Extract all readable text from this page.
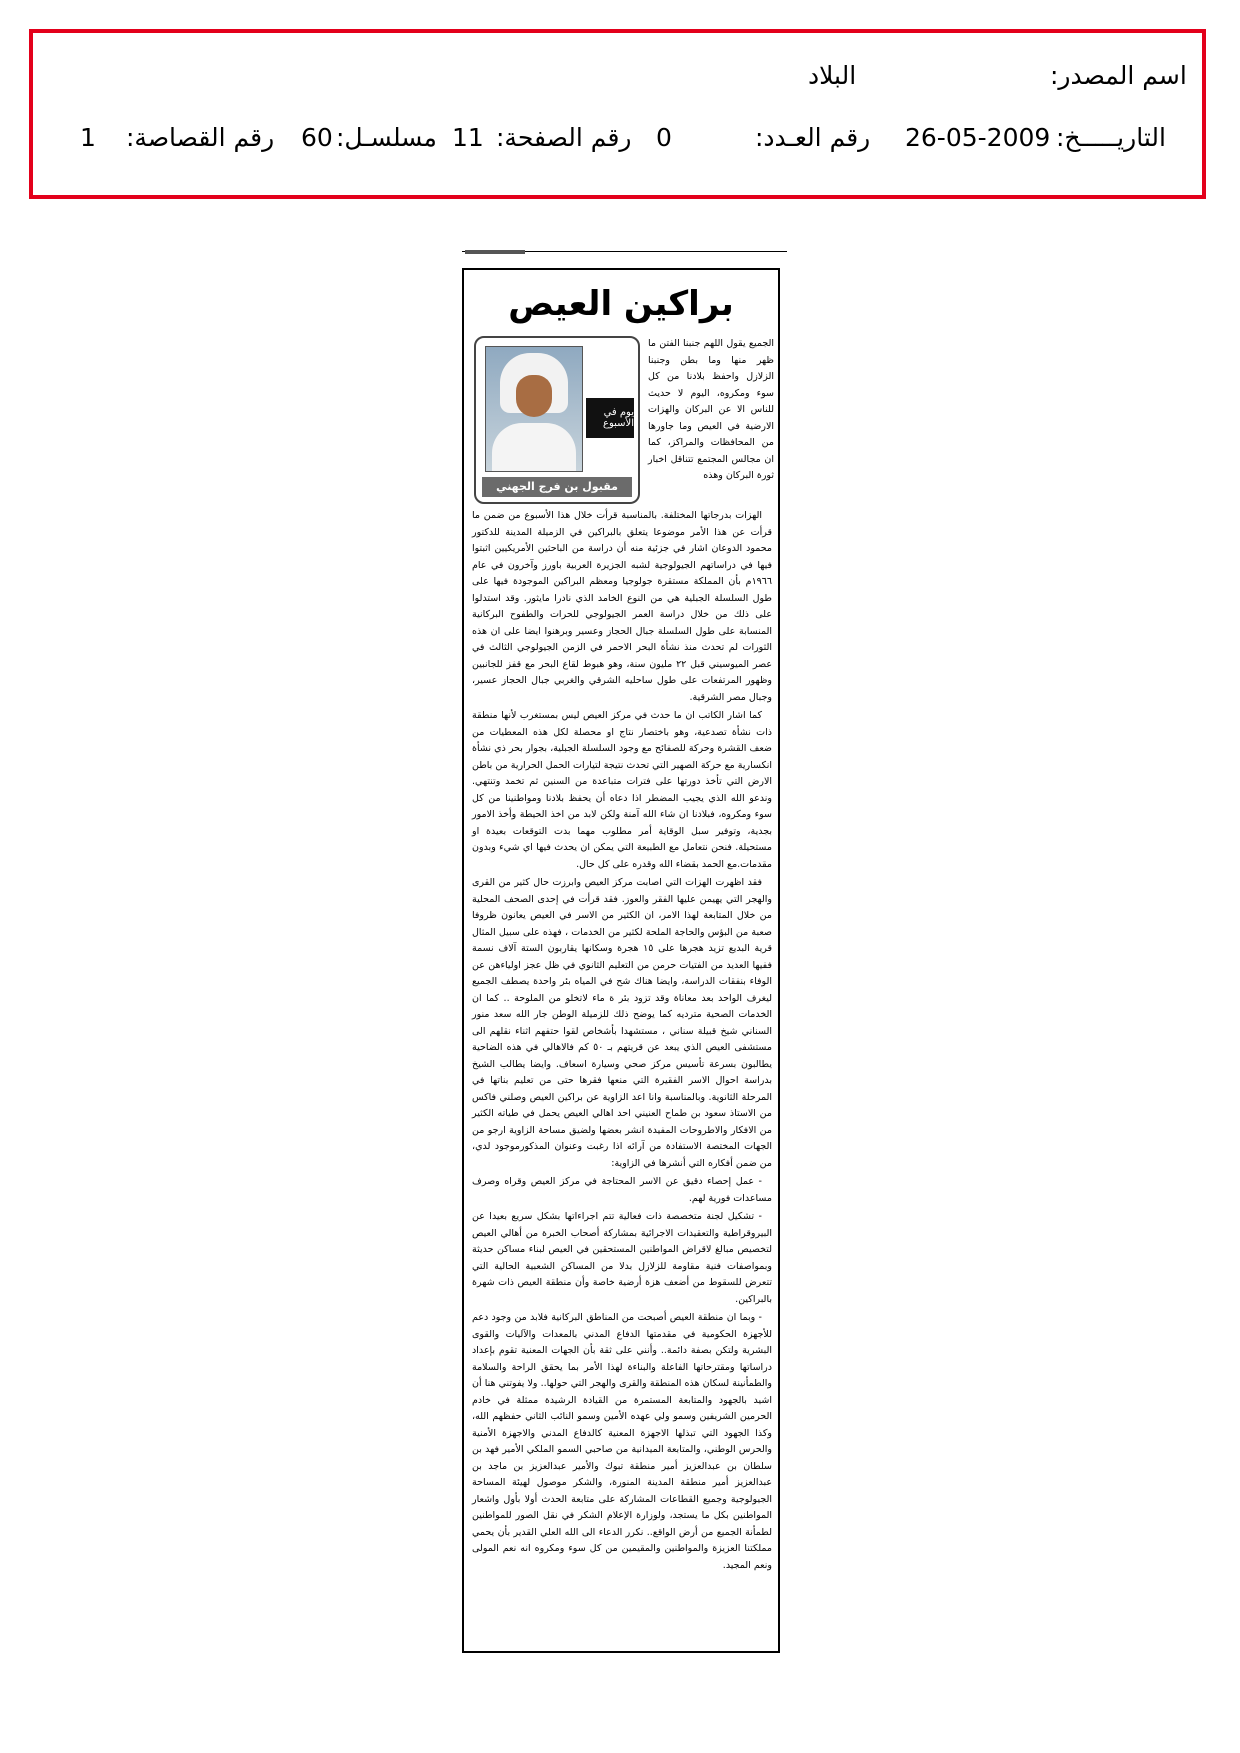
اسم المصدر:
البلاد
التاريـــــخ:
26-05-2009
رقم العـدد:
0
رقم الصفحة:
11
مسلسـل:
60
رقم القصاصة:
1
براكين العيص
يوم في الأسبوع
مقبول بن فرج الجهني
الجميع يقول اللهم جنبنا الفتن ما ظهر منها وما بطن وجنبنا الزلازل واحفظ بلادنا من كل سوء ومكروه، اليوم لا حديث للناس الا عن البركان والهزات الارضية في العيص وما جاورها من المحافظات والمراكز، كما ان مجالس المجتمع تتناقل اخبار ثورة البركان وهذه

الهزات بدرجاتها المختلفة. بالمناسبة قرأت خلال هذا الأسبوع من ضمن ما قرأت عن هذا الأمر موضوعا يتعلق بالبراكين في الزميلة المدينة للدكتور محمود الدوعان اشار في جزئية منه أن دراسة من الباحثين الأمريكيين اثبتوا فيها في دراساتهم الجيولوجية لشبه الجزيرة العربية باورز وآخرون في عام ١٩٦٦م بأن المملكة مستقرة جولوجيا ومعظم البراكين الموجودة فيها على طول السلسلة الجبلية هي من النوع الخامد الذي نادرا مايثور. وقد استدلوا على ذلك من خلال دراسة العمر الجيولوجي للحرات والطفوح البركانية المنسابة على طول السلسلة جبال الحجاز وعسير وبرهنوا ايضا على ان هذه الثورات لم تحدث منذ نشأة البحر الاحمر في الزمن الجيولوجي الثالث في عصر الميوسيني قبل ٢٢ مليون سنة، وهو هبوط لقاع البحر مع قفز للجانبين وظهور المرتفعات على طول ساحليه الشرقي والغربي جبال الحجاز عسير، وجبال مصر الشرقية.

كما اشار الكاتب ان ما حدث في مركز العيص ليس بمستغرب لأنها منطقة ذات نشأة تصدعية، وهو باختصار نتاج او محصلة لكل هذه المعطيات من ضعف القشرة وحركة للصفائح مع وجود السلسلة الجبلية، بجوار بحر ذي نشأة انكسارية مع حركة الصهير التي تحدث نتيجة لتيارات الحمل الحرارية من باطن الارض التي تأخذ دورتها على فترات متباعدة من السنين ثم تخمد وتنتهي. وندعو الله الذي يجيب المضطر اذا دعاه أن يحفظ بلادنا ومواطنينا من كل سوء ومكروه، فبلادنا ان شاء الله آمنة ولكن لابد من اخذ الحيطة وأخذ الامور بجدية، وتوفير سبل الوقاية أمر مطلوب مهما بدت التوقعات بعيدة او مستحيلة. فنحن نتعامل مع الطبيعة التي يمكن ان يحدث فيها اي شيء وبدون مقدمات.مع الحمد بقضاء الله وقدره على كل حال.

فقد اظهرت الهزات التي اصابت مركز العيص وابرزت حال كثير من القرى والهجر التي يهيمن عليها الفقر والعوز. فقد قرأت في إحدى الصحف المحلية من خلال المتابعة لهذا الامر، ان الكثير من الاسر في العيص يعانون ظروفا صعبة من البؤس والحاجة الملحة لكثير من الخدمات ، فهذه على سبيل المثال قرية البديع تزيد هجرها على ١٥ هجرة وسكانها يقاربون الستة آلاف نسمة ففيها العديد من الفتيات حرمن من التعليم الثانوي في ظل عجز اولياءهن عن الوفاء بنفقات الدراسة، وايضا هناك شح في المياه بئر واحدة يصطف الجميع ليغرف الواحد بعد معاناة وقد تزود بئر ة ماء لاتخلو من الملوحة .. كما ان الخدمات الصحية مترديه كما يوضح ذلك للزميلة الوطن جار الله سعد منور السناني شيخ قبيلة سناني ، مستشهدا بأشخاص لقوا حتفهم اثناء نقلهم الى مستشفى العيص الذي يبعد عن قريتهم بـ ٥٠ كم فالاهالي في هذه الضاحية يطالبون بسرعة تأسيس مركز صحي وسيارة اسعاف. وايضا يطالب الشيخ بدراسة احوال الاسر الفقيرة التي منعها فقرها حتى من تعليم بناتها في المرحلة الثانوية. وبالمناسبة وانا اعد الزاوية عن براكين العيص وصلني فاكس من الاستاذ سعود بن طماح العنيني احد اهالي العيص يحمل في طياته الكثير من الافكار والاطروحات المفيدة انشر بعضها ولضيق مساحة الزاوية ارجو من الجهات المختصة الاستفادة من آرائه اذا رغبت وعنوان المذكورموجود لدي، من ضمن أفكاره التي أنشرها في الزاوية:

- عمل إحصاء دقيق عن الاسر المحتاجة في مركز العيص وقراه وصرف مساعدات فورية لهم.

- تشكيل لجنة متخصصة ذات فعالية تتم اجراءاتها بشكل سريع بعيدا عن البيروقراطية والتعقيدات الاجرائية بمشاركة أصحاب الخبرة من أهالي العيص لتخصيص مبالغ لاقراض المواطنين المستحقين في العيص لبناء مساكن حديثة وبمواصفات فنية مقاومة للزلازل بدلا من المساكن الشعبية الحالية التي تتعرض للسقوط من أضعف هزة أرضية خاصة وأن منطقة العيص ذات شهرة بالبراكين.

- وبما ان منطقة العيص أصبحت من المناطق البركانية فلابد من وجود دعم للأجهزة الحكومية في مقدمتها الدفاع المدني بالمعدات والآليات والقوى البشرية ولتكن بصفة دائمة.. وأنني على ثقة بأن الجهات المعنية تقوم بإعداد دراساتها ومقترحاتها الفاعلة والبناءة لهذا الأمر بما يحقق الراحة والسلامة والطمأنينة لسكان هذه المنطقة والقرى والهجر التي حولها.. ولا يفوتني هنا أن اشيد بالجهود والمتابعة المستمرة من القيادة الرشيدة ممثلة في خادم الحرمين الشريفين وسمو ولي عهده الأمين وسمو النائب الثاني حفظهم الله، وكذا الجهود التي تبذلها الاجهزة المعنية كالدفاع المدني والاجهزة الأمنية والحرس الوطني، والمتابعة الميدانية من صاحبي السمو الملكي الأمير فهد بن سلطان بن عبدالعزيز أمير منطقة تبوك والأمير عبدالعزيز بن ماجد بن عبدالعزيز أمير منطقة المدينة المنورة، والشكر موصول لهيئة المساحة الجيولوجية وجميع القطاعات المشاركة على متابعة الحدث أولا بأول واشعار المواطنين بكل ما يستجد، ولوزارة الإعلام الشكر في نقل الصور للمواطنين لطمأنة الجميع من أرض الواقع.. نكرر الدعاء الى الله العلي القدير بأن يحمي مملكتنا العزيزة والمواطنين والمقيمين من كل سوء ومكروه انه نعم المولى ونعم المجيد.
